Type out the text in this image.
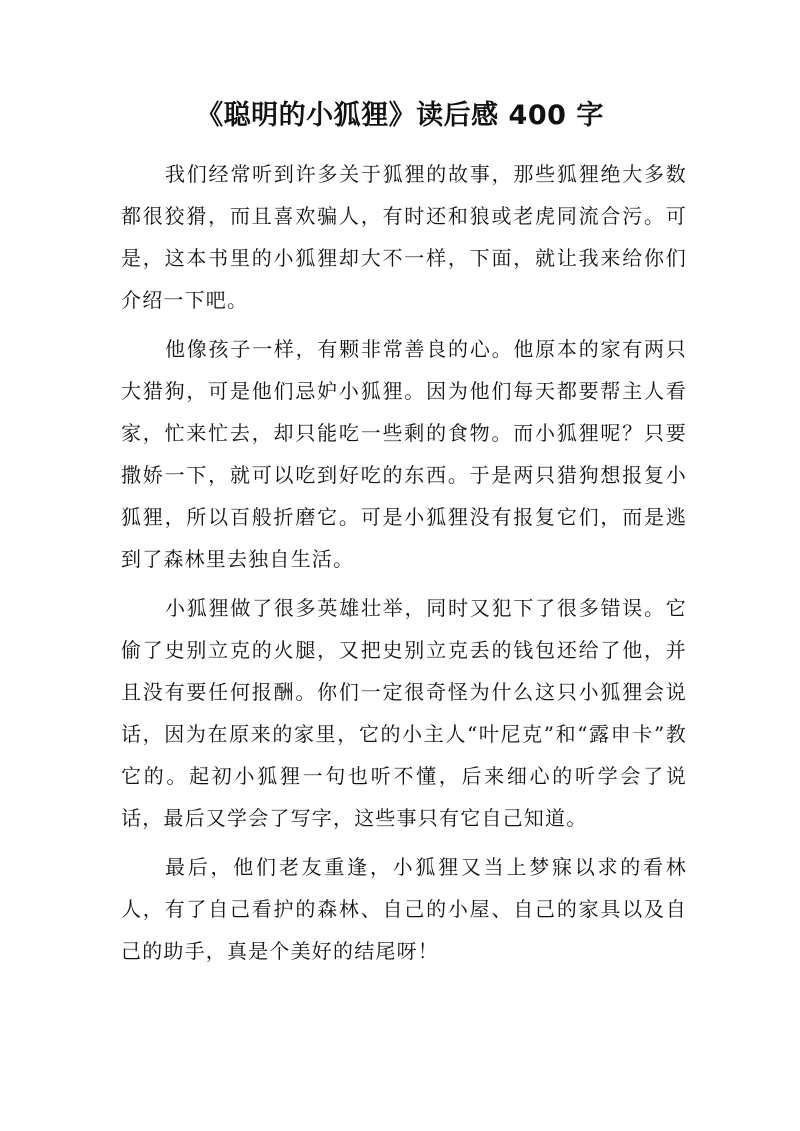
《聪明的小狐狸》读后感 400 字

我们经常听到许多关于狐狸的故事，那些狐狸绝大多数都很狡猾，而且喜欢骗人，有时还和狼或老虎同流合污。可是，这本书里的小狐狸却大不一样，下面，就让我来给你们介绍一下吧。

他像孩子一样，有颗非常善良的心。他原本的家有两只大猎狗，可是他们忌妒小狐狸。因为他们每天都要帮主人看家，忙来忙去，却只能吃一些剩的食物。而小狐狸呢？只要撒娇一下，就可以吃到好吃的东西。于是两只猎狗想报复小狐狸，所以百般折磨它。可是小狐狸没有报复它们，而是逃到了森林里去独自生活。

小狐狸做了很多英雄壮举，同时又犯下了很多错误。它偷了史别立克的火腿，又把史别立克丢的钱包还给了他，并且没有要任何报酬。你们一定很奇怪为什么这只小狐狸会说话，因为在原来的家里，它的小主人“叶尼克”和“露申卡”教它的。起初小狐狸一句也听不懂，后来细心的听学会了说话，最后又学会了写字，这些事只有它自己知道。

最后，他们老友重逢，小狐狸又当上梦寐以求的看林人，有了自己看护的森林、自己的小屋、自己的家具以及自己的助手，真是个美好的结尾呀！
